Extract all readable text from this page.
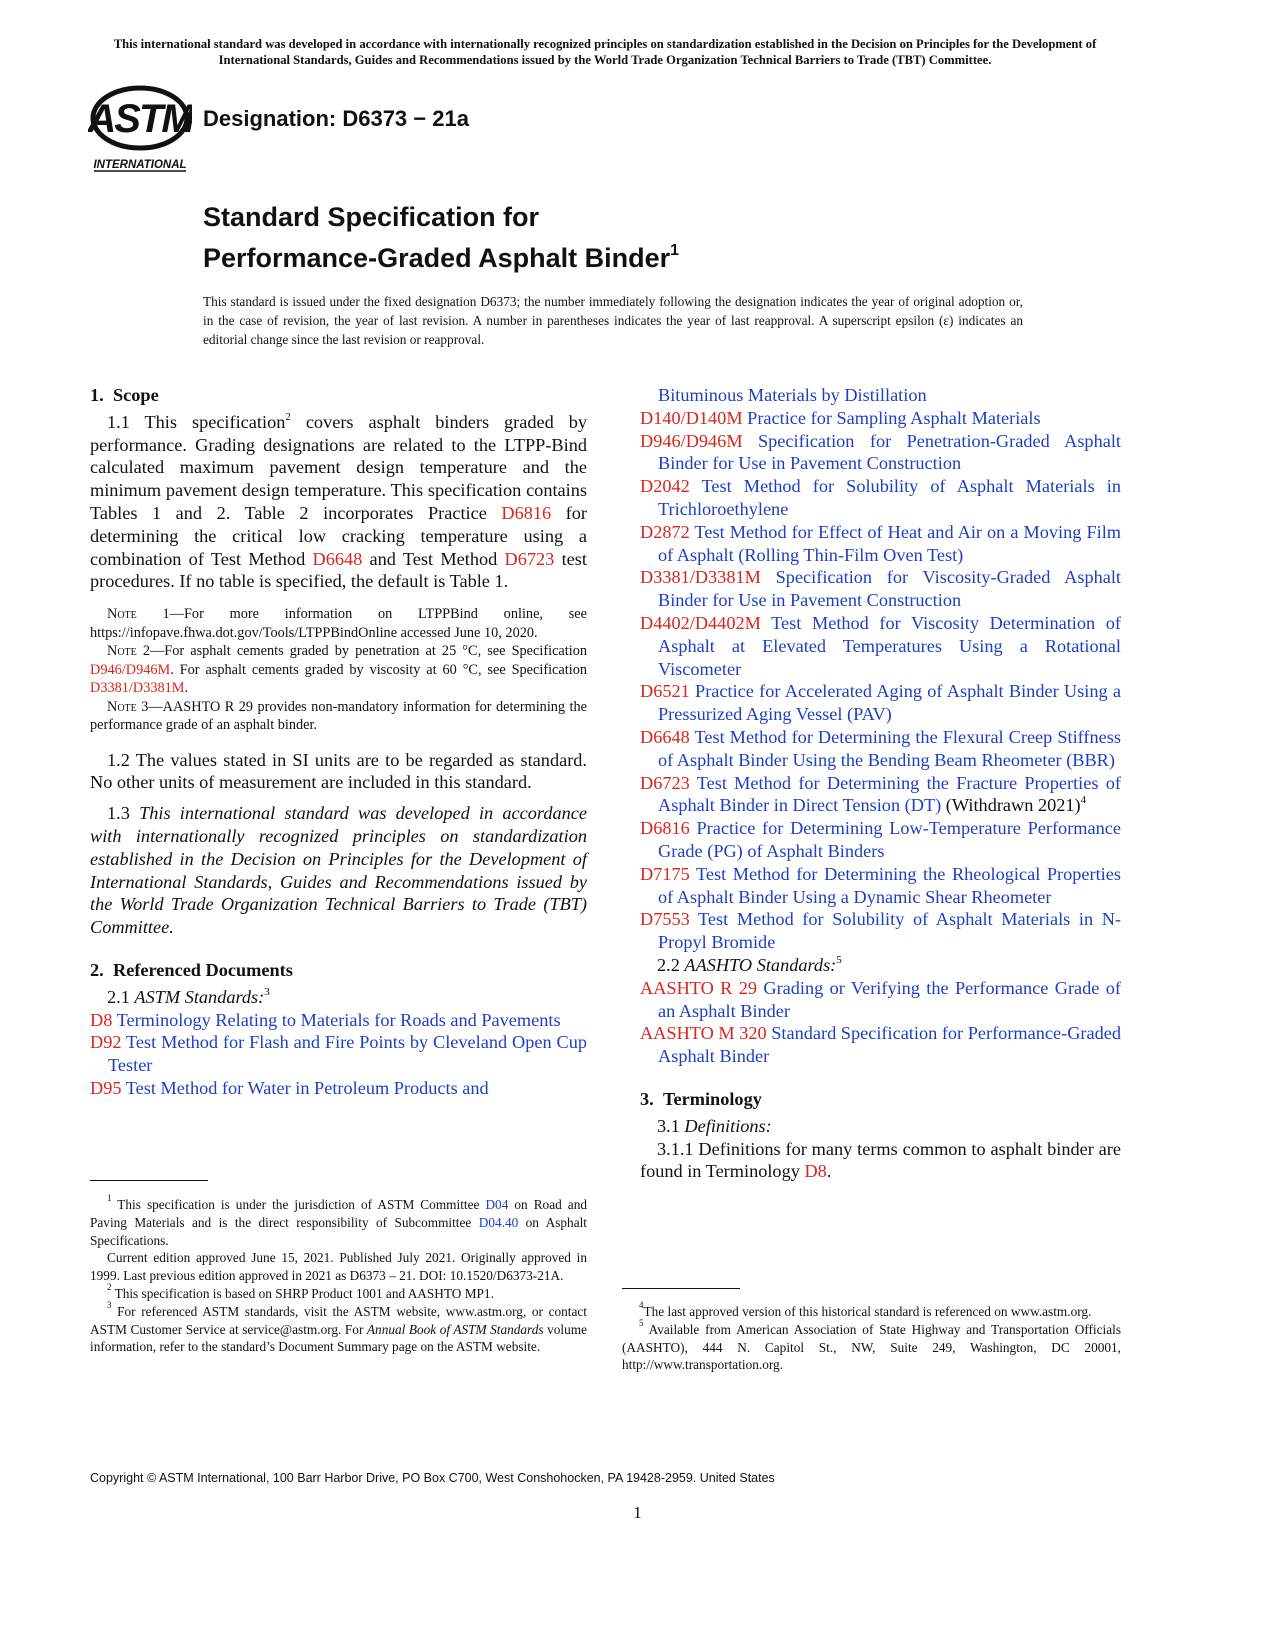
This international standard was developed in accordance with internationally recognized principles on standardization established in the Decision on Principles for the Development of International Standards, Guides and Recommendations issued by the World Trade Organization Technical Barriers to Trade (TBT) Committee.
ASTM
INTERNATIONAL
Designation: D6373 − 21a
Standard Specification for
Performance-Graded Asphalt Binder$^1$
This standard is issued under the fixed designation D6373; the number immediately following the designation indicates the year of original adoption or, in the case of revision, the year of last revision. A number in parentheses indicates the year of last reapproval. A superscript epsilon (ε) indicates an editorial change since the last revision or reapproval.
1. Scope

1.1 This specification$^2$ covers asphalt binders graded by performance. Grading designations are related to the LTPP-Bind calculated maximum pavement design temperature and the minimum pavement design temperature. This specification contains Tables 1 and 2. Table 2 incorporates Practice D6816 for determining the critical low cracking temperature using a combination of Test Method D6648 and Test Method D6723 test procedures. If no table is specified, the default is Table 1.

Note 1—For more information on LTPPBind online, see https://infopave.fhwa.dot.gov/Tools/LTPPBindOnline accessed June 10, 2020.

Note 2—For asphalt cements graded by penetration at 25 °C, see Specification D946/D946M. For asphalt cements graded by viscosity at 60 °C, see Specification D3381/D3381M.

Note 3—AASHTO R 29 provides non-mandatory information for determining the performance grade of an asphalt binder.

1.2 The values stated in SI units are to be regarded as standard. No other units of measurement are included in this standard.

1.3 This international standard was developed in accordance with internationally recognized principles on standardization established in the Decision on Principles for the Development of International Standards, Guides and Recommendations issued by the World Trade Organization Technical Barriers to Trade (TBT) Committee.

2. Referenced Documents

2.1 ASTM Standards:$^3$

D8 Terminology Relating to Materials for Roads and Pavements

D92 Test Method for Flash and Fire Points by Cleveland Open Cup Tester

D95 Test Method for Water in Petroleum Products and

$^1$ This specification is under the jurisdiction of ASTM Committee D04 on Road and Paving Materials and is the direct responsibility of Subcommittee D04.40 on Asphalt Specifications.

Current edition approved June 15, 2021. Published July 2021. Originally approved in 1999. Last previous edition approved in 2021 as D6373 – 21. DOI: 10.1520/D6373-21A.

$^2$ This specification is based on SHRP Product 1001 and AASHTO MP1.

$^3$ For referenced ASTM standards, visit the ASTM website, www.astm.org, or contact ASTM Customer Service at service@astm.org. For Annual Book of ASTM Standards volume information, refer to the standard’s Document Summary page on the ASTM website.

Bituminous Materials by Distillation

D140/D140M Practice for Sampling Asphalt Materials

D946/D946M Specification for Penetration-Graded Asphalt Binder for Use in Pavement Construction

D2042 Test Method for Solubility of Asphalt Materials in Trichloroethylene

D2872 Test Method for Effect of Heat and Air on a Moving Film of Asphalt (Rolling Thin-Film Oven Test)

D3381/D3381M Specification for Viscosity-Graded Asphalt Binder for Use in Pavement Construction

D4402/D4402M Test Method for Viscosity Determination of Asphalt at Elevated Temperatures Using a Rotational Viscometer

D6521 Practice for Accelerated Aging of Asphalt Binder Using a Pressurized Aging Vessel (PAV)

D6648 Test Method for Determining the Flexural Creep Stiffness of Asphalt Binder Using the Bending Beam Rheometer (BBR)

D6723 Test Method for Determining the Fracture Properties of Asphalt Binder in Direct Tension (DT) (Withdrawn 2021)$^4$

D6816 Practice for Determining Low-Temperature Performance Grade (PG) of Asphalt Binders

D7175 Test Method for Determining the Rheological Properties of Asphalt Binder Using a Dynamic Shear Rheometer

D7553 Test Method for Solubility of Asphalt Materials in N-Propyl Bromide

2.2 AASHTO Standards:$^5$

AASHTO R 29 Grading or Verifying the Performance Grade of an Asphalt Binder

AASHTO M 320 Standard Specification for Performance-Graded Asphalt Binder

3. Terminology

3.1 Definitions:

3.1.1 Definitions for many terms common to asphalt binder are found in Terminology D8.

$^4$The last approved version of this historical standard is referenced on www.astm.org.

$^5$ Available from American Association of State Highway and Transportation Officials (AASHTO), 444 N. Capitol St., NW, Suite 249, Washington, DC 20001, http://www.transportation.org.

Copyright © ASTM International, 100 Barr Harbor Drive, PO Box C700, West Conshohocken, PA 19428-2959. United States
1
